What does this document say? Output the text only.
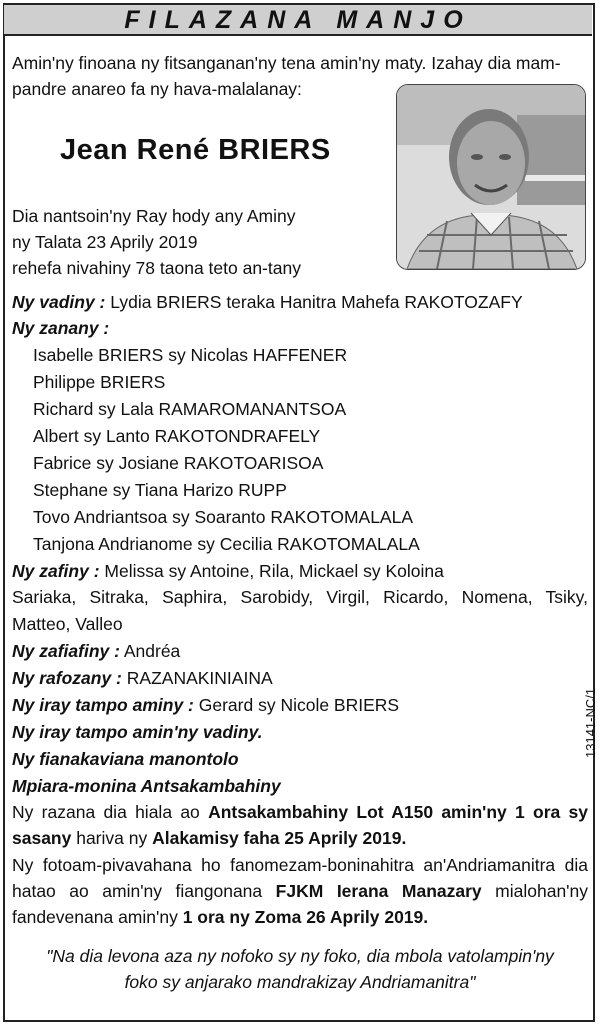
FILAZANA MANJO
Amin'ny finoana ny fitsanganan'ny tena amin'ny maty. Izahay dia mam-
pandre anareo fa ny hava-malalanay:
Jean René BRIERS
Dia nantsoin'ny Ray hody any Aminy
ny Talata 23 Aprily 2019
rehefa nivahiny 78 taona teto an-tany
Ny vadiny : Lydia BRIERS teraka Hanitra Mahefa RAKOTOZAFY
Ny zanany :
Isabelle BRIERS sy Nicolas HAFFENER
Philippe BRIERS
Richard sy Lala RAMAROMANANTSOA
Albert sy Lanto RAKOTONDRAFELY
Fabrice sy Josiane RAKOTOARISOA
Stephane sy Tiana Harizo RUPP
Tovo Andriantsoa sy Soaranto RAKOTOMALALA
Tanjona Andrianome sy Cecilia RAKOTOMALALA
Ny zafiny : Melissa sy Antoine, Rila, Mickael sy Koloina
Sariaka, Sitraka, Saphira, Sarobidy, Virgil, Ricardo, Nomena, Tsiky,
Matteo, Valleo
Ny zafiafiny : Andréa
Ny rafozany : RAZANAKINIAINA
Ny iray tampo aminy : Gerard sy Nicole BRIERS
Ny iray tampo amin'ny vadiny.
Ny fianakaviana manontolo
Mpiara-monina Antsakambahiny
Ny razana dia hiala ao Antsakambahiny Lot A150 amin'ny 1 ora sy sasany hariva ny Alakamisy faha 25 Aprily 2019.
Ny fotoam-pivavahana ho fanomezam-boninahitra an'Andriamanitra dia hatao ao amin'ny fiangonana FJKM Ierana Manazary mialohan'ny fandevenana amin'ny 1 ora ny Zoma 26 Aprily 2019.
"Na dia levona aza ny nofoko sy ny foko, dia mbola vatolampin'ny
foko sy anjarako mandrakizay Andriamanitra"
13141-NC/1
